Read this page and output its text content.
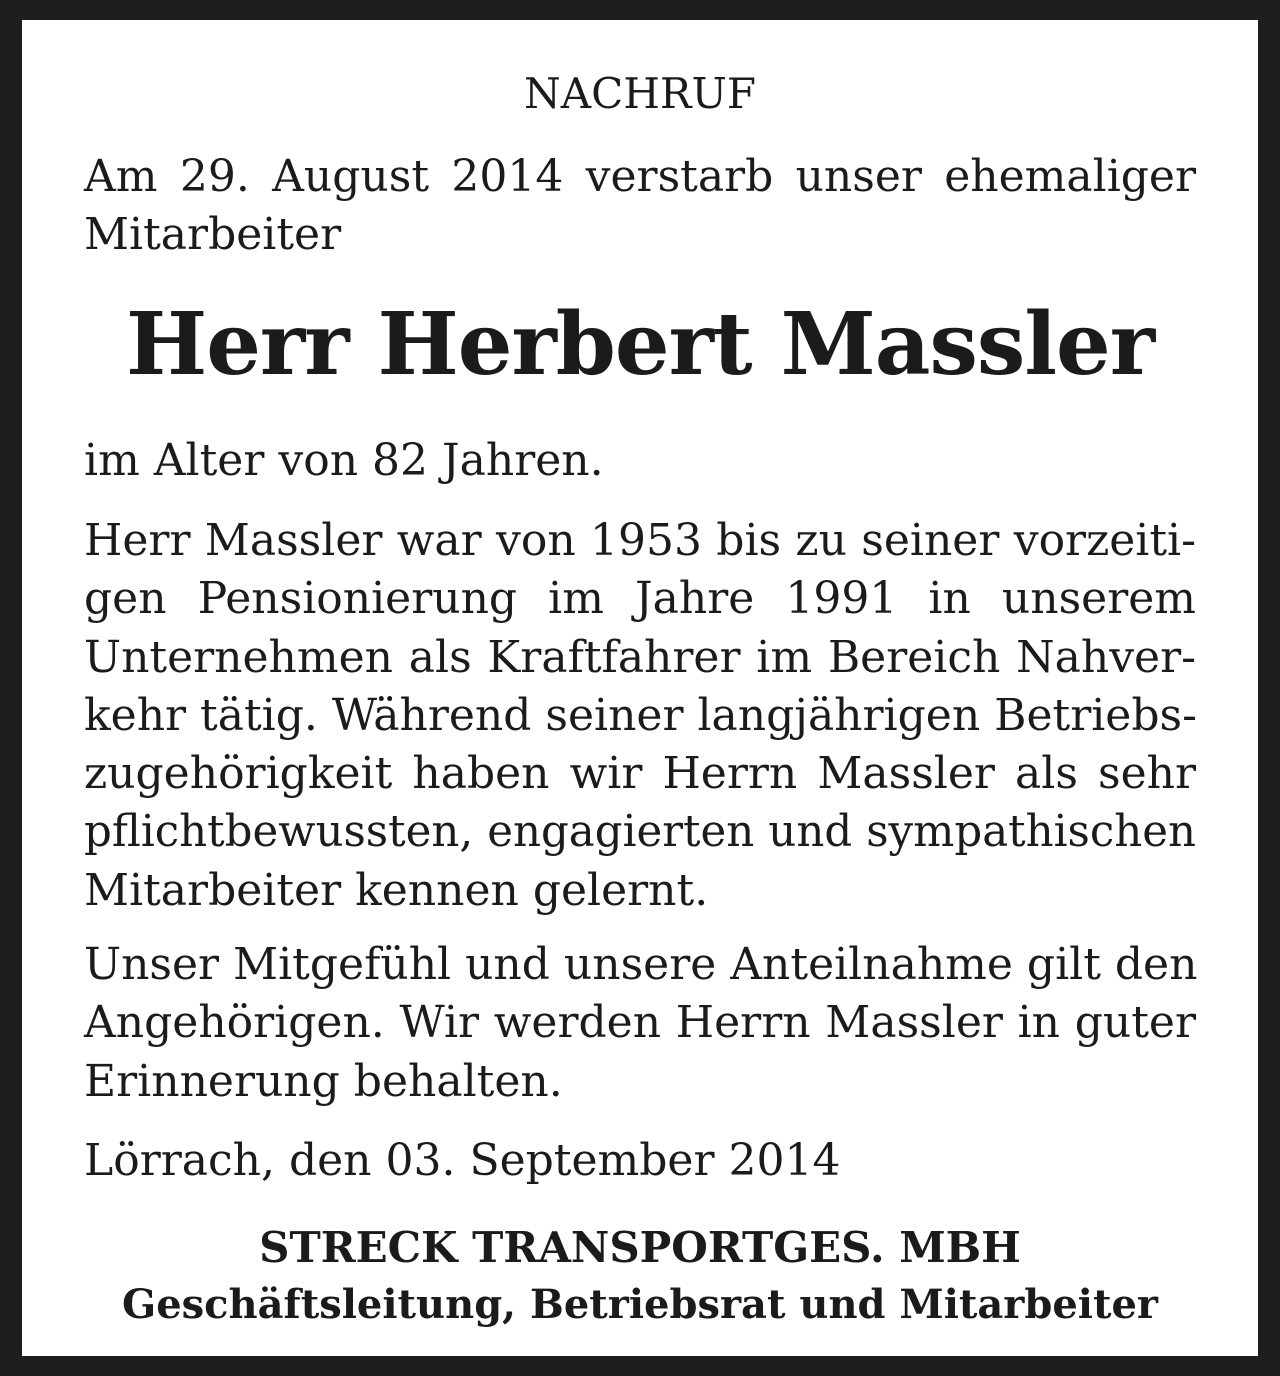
NACHRUF
Am 29. August 2014 verstarb unser ehemaliger
Mitarbeiter
Herr Herbert Massler
im Alter von 82 Jahren.
Herr Massler war von 1953 bis zu seiner vorzeiti-
gen Pensionierung im Jahre 1991 in unserem
Unternehmen als Kraftfahrer im Bereich Nahver-
kehr tätig. Während seiner langjährigen Betriebs-
zugehörigkeit haben wir Herrn Massler als sehr
pflichtbewussten, engagierten und sympathischen
Mitarbeiter kennen gelernt.
Unser Mitgefühl und unsere Anteilnahme gilt den
Angehörigen. Wir werden Herrn Massler in guter
Erinnerung behalten.
Lörrach, den 03. September 2014
STRECK TRANSPORTGES. MBH
Geschäftsleitung, Betriebsrat und Mitarbeiter
